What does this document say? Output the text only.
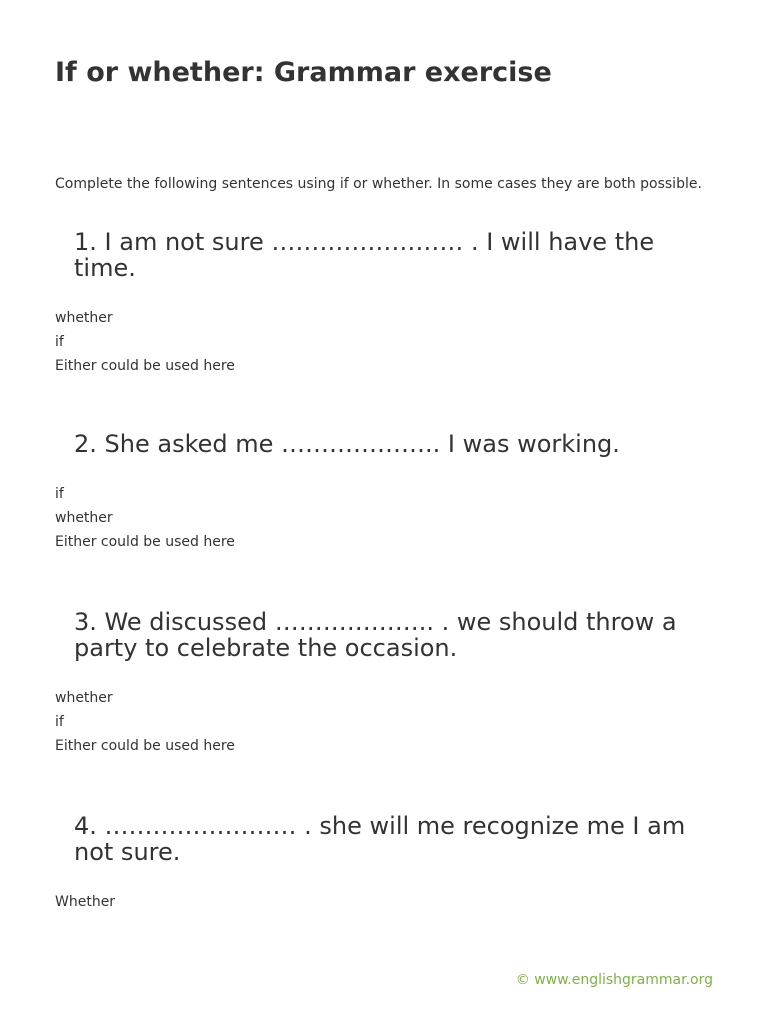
If or whether: Grammar exercise

Complete the following sentences using if or whether. In some cases they are both possible.

1. I am not sure …………………… . I will have the time.

whether
if
Either could be used here

2. She asked me ……………….. I was working.

if
whether
Either could be used here

3. We discussed ……………….. . we should throw a party to celebrate the occasion.

whether
if
Either could be used here

4. …………………… . she will me recognize me I am not sure.

Whether
© www.englishgrammar.org
